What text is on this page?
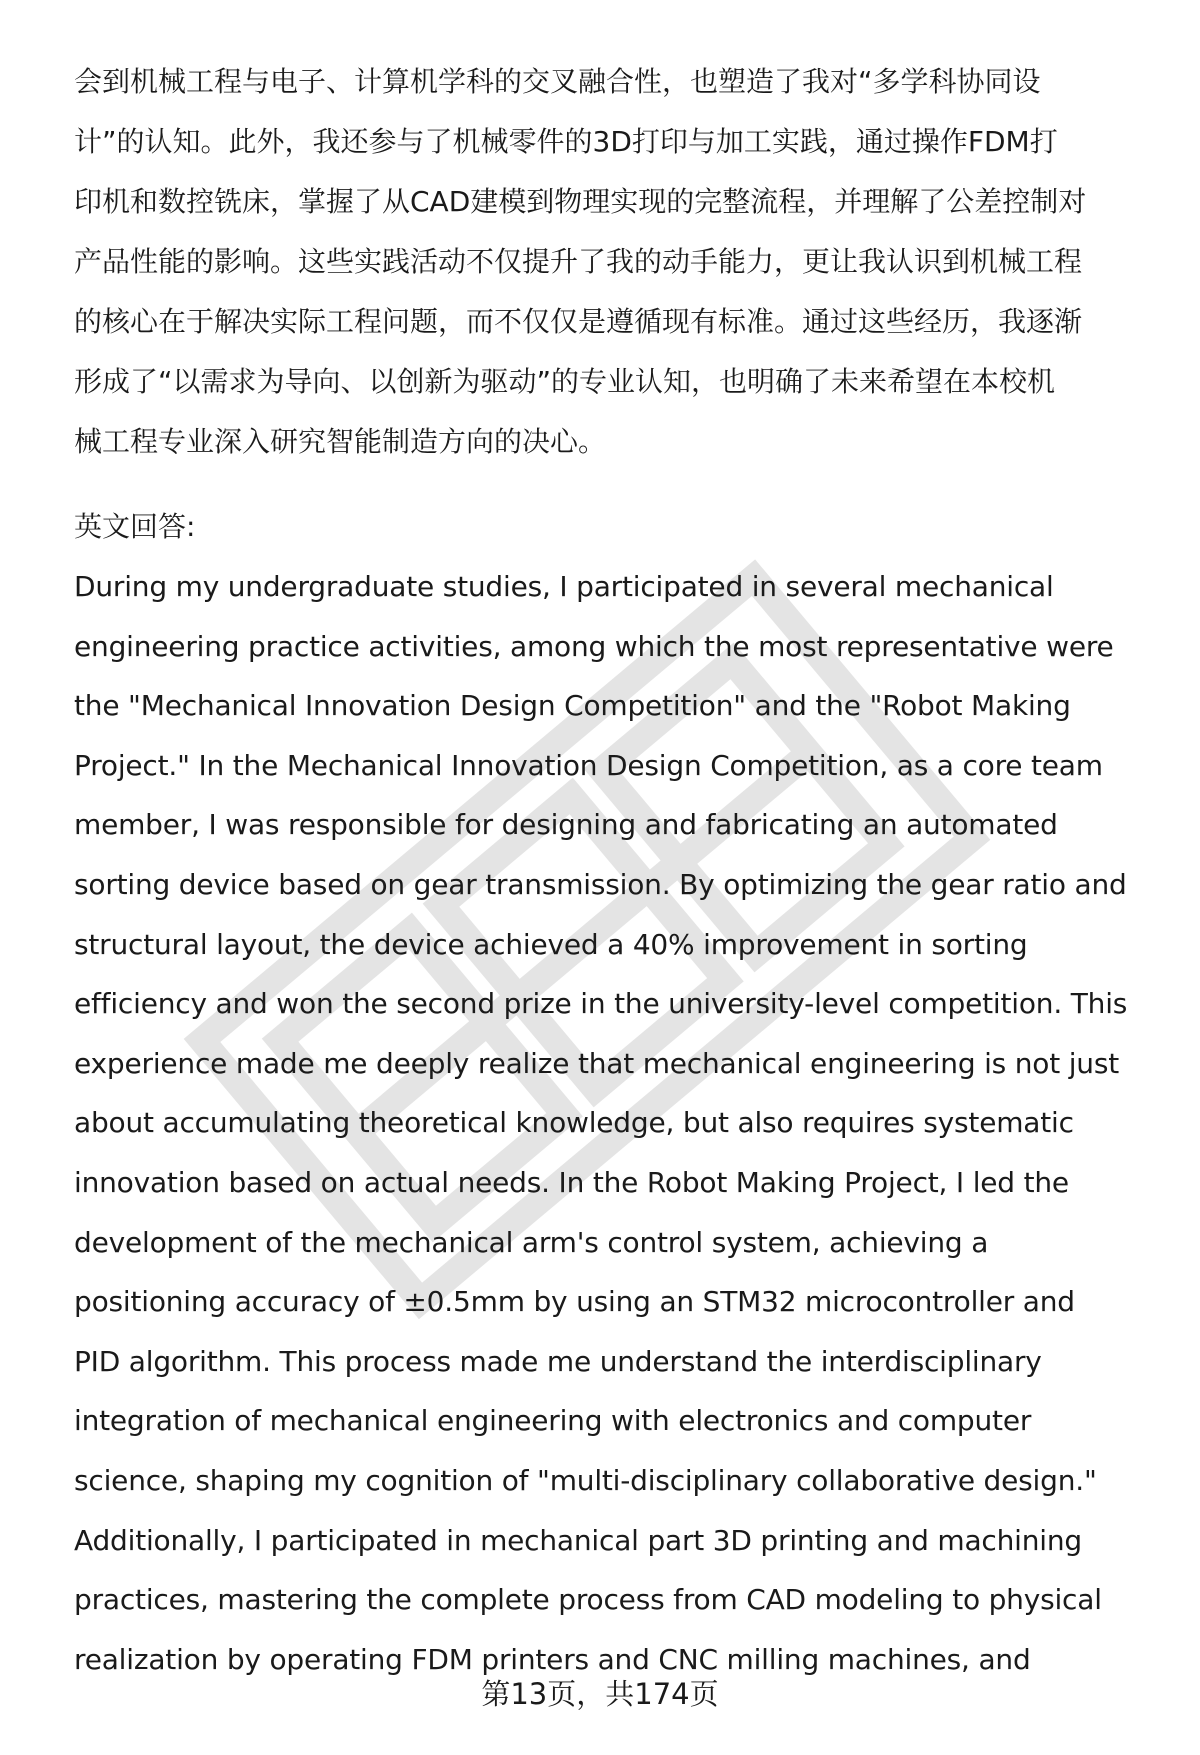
会到机械工程与电子、计算机学科的交叉融合性，也塑造了我对“多学科协同设
计”的认知。此外，我还参与了机械零件的3D打印与加工实践，通过操作FDM打
印机和数控铣床，掌握了从CAD建模到物理实现的完整流程，并理解了公差控制对
产品性能的影响。这些实践活动不仅提升了我的动手能力，更让我认识到机械工程
的核心在于解决实际工程问题，而不仅仅是遵循现有标准。通过这些经历，我逐渐
形成了“以需求为导向、以创新为驱动”的专业认知，也明确了未来希望在本校机
械工程专业深入研究智能制造方向的决心。
英文回答:
During my undergraduate studies, I participated in several mechanical
engineering practice activities, among which the most representative were
the "Mechanical Innovation Design Competition" and the "Robot Making
Project." In the Mechanical Innovation Design Competition, as a core team
member, I was responsible for designing and fabricating an automated
sorting device based on gear transmission. By optimizing the gear ratio and
structural layout, the device achieved a 40% improvement in sorting
efficiency and won the second prize in the university-level competition. This
experience made me deeply realize that mechanical engineering is not just
about accumulating theoretical knowledge, but also requires systematic
innovation based on actual needs. In the Robot Making Project, I led the
development of the mechanical arm's control system, achieving a
positioning accuracy of ±0.5mm by using an STM32 microcontroller and
PID algorithm. This process made me understand the interdisciplinary
integration of mechanical engineering with electronics and computer
science, shaping my cognition of "multi-disciplinary collaborative design."
Additionally, I participated in mechanical part 3D printing and machining
practices, mastering the complete process from CAD modeling to physical
realization by operating FDM printers and CNC milling machines, and
第13页，共174页
